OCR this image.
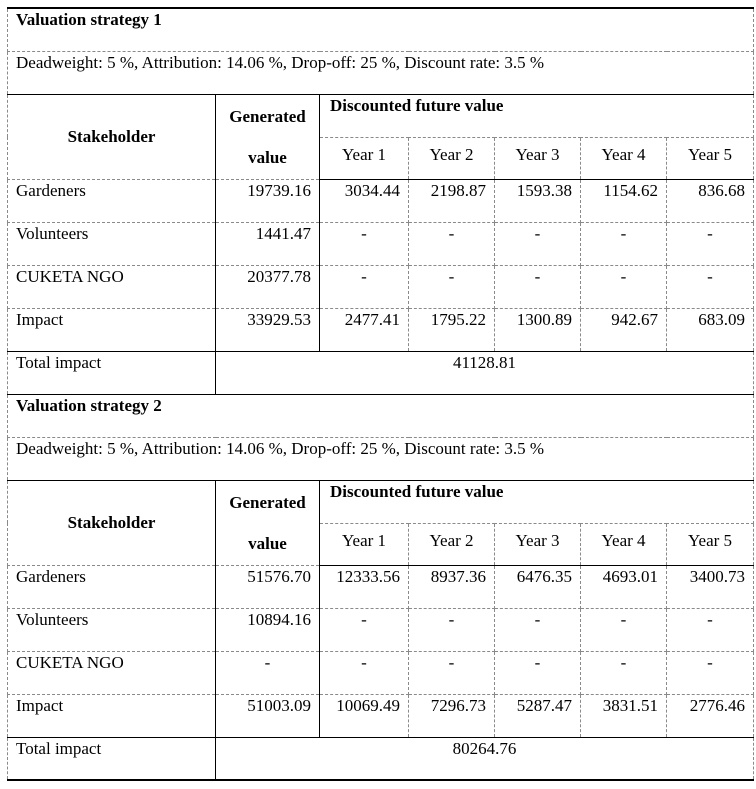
Valuation strategy 1						
Deadweight: 5 %, Attribution: 14.06 %, Drop-off: 25 %, Discount rate: 3.5 %						
Stakeholder	Generated value	Discounted future value				
		Year 1	Year 2	Year 3	Year 4	Year 5
Gardeners	19739.16	3034.44	2198.87	1593.38	1154.62	836.68
Volunteers	1441.47	-	-	-	-	-
CUKETA NGO	20377.78	-	-	-	-	-
Impact	33929.53	2477.41	1795.22	1300.89	942.67	683.09
Total impact	41128.81					
Valuation strategy 2						
Deadweight: 5 %, Attribution: 14.06 %, Drop-off: 25 %, Discount rate: 3.5 %						
Stakeholder	Generated value	Discounted future value				
		Year 1	Year 2	Year 3	Year 4	Year 5
Gardeners	51576.70	12333.56	8937.36	6476.35	4693.01	3400.73
Volunteers	10894.16	-	-	-	-	-
CUKETA NGO	-	-	-	-	-	-
Impact	51003.09	10069.49	7296.73	5287.47	3831.51	2776.46
Total impact	80264.76					
